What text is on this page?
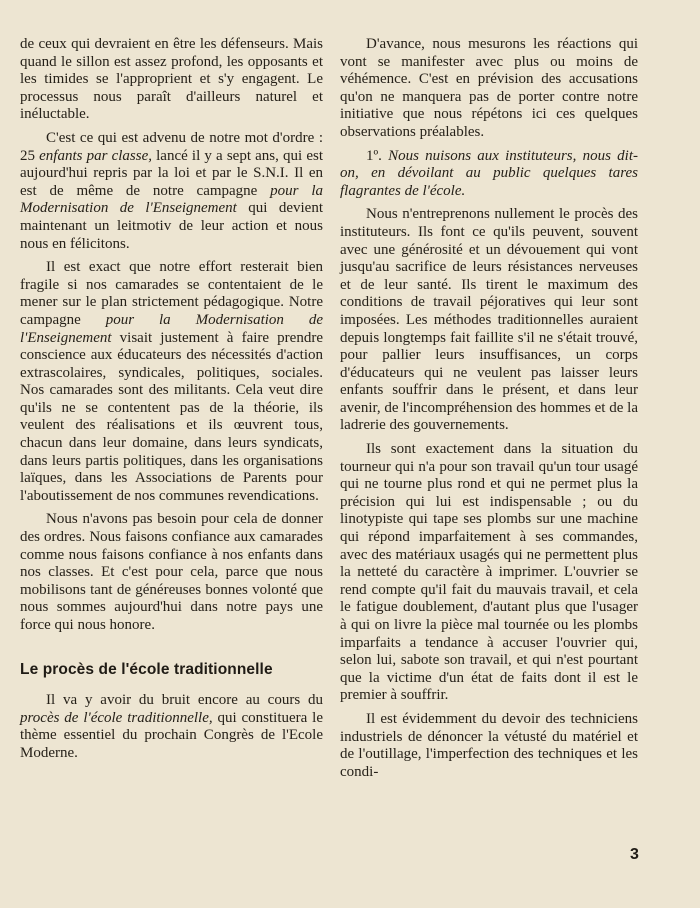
de ceux qui devraient en être les défenseurs. Mais quand le sillon est assez profond, les opposants et les timides se l'approprient et s'y engagent. Le processus nous paraît d'ailleurs naturel et inéluctable.

C'est ce qui est advenu de notre mot d'ordre : 25 enfants par classe, lancé il y a sept ans, qui est aujourd'hui repris par la loi et par le S.N.I. Il en est de même de notre campagne pour la Modernisation de l'Enseignement qui devient maintenant un leitmotiv de leur action et nous nous en félicitons.

Il est exact que notre effort resterait bien fragile si nos camarades se contentaient de le mener sur le plan strictement pédagogique. Notre campagne pour la Modernisation de l'Enseignement visait justement à faire prendre conscience aux éducateurs des nécessités d'action extrascolaires, syndicales, politiques, sociales. Nos camarades sont des militants. Cela veut dire qu'ils ne se contentent pas de la théorie, ils veulent des réalisations et ils œuvrent tous, chacun dans leur domaine, dans leurs syndicats, dans leurs partis politiques, dans les organisations laïques, dans les Associations de Parents pour l'aboutissement de nos communes revendications.

Nous n'avons pas besoin pour cela de donner des ordres. Nous faisons confiance aux camarades comme nous faisons confiance à nos enfants dans nos classes. Et c'est pour cela, parce que nous mobilisons tant de généreuses bonnes volonté que nous sommes aujourd'hui dans notre pays une force qui nous honore.

Le procès de l'école traditionnelle

Il va y avoir du bruit encore au cours du procès de l'école traditionnelle, qui constituera le thème essentiel du prochain Congrès de l'Ecole Moderne.

D'avance, nous mesurons les réactions qui vont se manifester avec plus ou moins de véhémence. C'est en prévision des accusations qu'on ne manquera pas de porter contre notre initiative que nous répétons ici ces quelques observations préalables.

1º. Nous nuisons aux instituteurs, nous dit-on, en dévoilant au public quelques tares flagrantes de l'école.

Nous n'entreprenons nullement le procès des instituteurs. Ils font ce qu'ils peuvent, souvent avec une générosité et un dévouement qui vont jusqu'au sacrifice de leurs résistances nerveuses et de leur santé. Ils tirent le maximum des conditions de travail péjoratives qui leur sont imposées. Les méthodes traditionnelles auraient depuis longtemps fait faillite s'il ne s'était trouvé, pour pallier leurs insuffisances, un corps d'éducateurs qui ne veulent pas laisser leurs enfants souffrir dans le présent, et dans leur avenir, de l'incompréhension des hommes et de la ladrerie des gouvernements.

Ils sont exactement dans la situation du tourneur qui n'a pour son travail qu'un tour usagé qui ne tourne plus rond et qui ne permet plus la précision qui lui est indispensable ; ou du linotypiste qui tape ses plombs sur une machine qui répond imparfaitement à ses commandes, avec des matériaux usagés qui ne permettent plus la netteté du caractère à imprimer. L'ouvrier se rend compte qu'il fait du mauvais travail, et cela le fatigue doublement, d'autant plus que l'usager à qui on livre la pièce mal tournée ou les plombs imparfaits a tendance à accuser l'ouvrier qui, selon lui, sabote son travail, et qui n'est pourtant que la victime d'un état de faits dont il est le premier à souffrir.

Il est évidemment du devoir des techniciens industriels de dénoncer la vétusté du matériel et de l'outillage, l'imperfection des techniques et les condi-

3
